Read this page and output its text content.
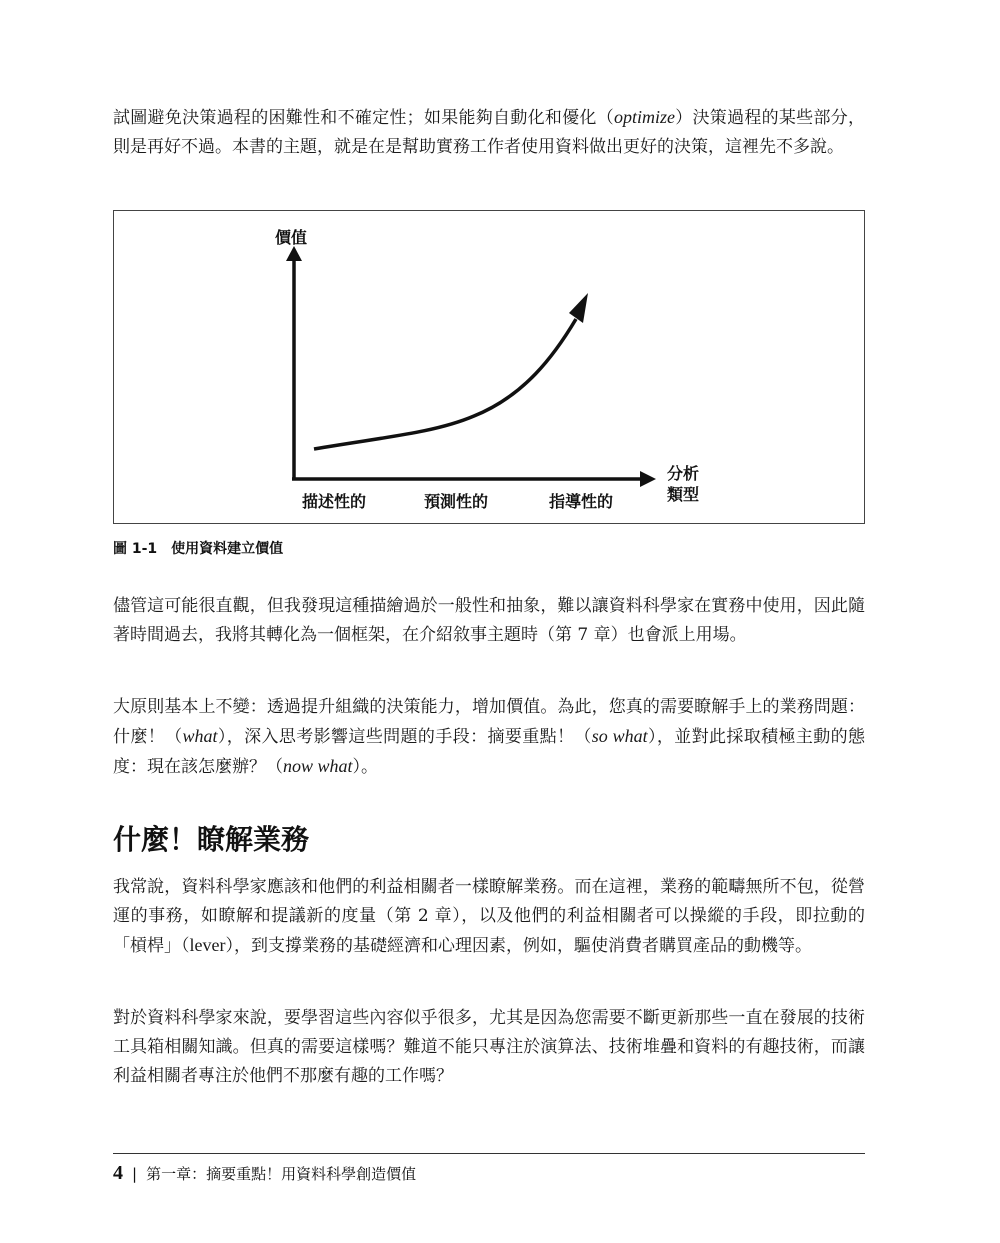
試圖避免決策過程的困難性和不確定性；如果能夠自動化和優化（optimize）決策過程的某些部分，則是再好不過。本書的主題，就是在是幫助實務工作者使用資料做出更好的決策，這裡先不多說。

價值
分析
類型
描述性的	預測性的	指導性的
圖 1-1 使用資料建立價值

儘管這可能很直觀，但我發現這種描繪過於一般性和抽象，難以讓資料科學家在實務中使用，因此隨著時間過去，我將其轉化為一個框架，在介紹敘事主題時（第 7 章）也會派上用場。

大原則基本上不變：透過提升組織的決策能力，增加價值。為此，您真的需要瞭解手上的業務問題：什麼！（what），深入思考影響這些問題的手段：摘要重點！（so what），並對此採取積極主動的態度：現在該怎麼辦？（now what）。

什麼！瞭解業務

我常說，資料科學家應該和他們的利益相關者一樣瞭解業務。而在這裡，業務的範疇無所不包，從營運的事務，如瞭解和提議新的度量（第 2 章），以及他們的利益相關者可以操縱的手段，即拉動的「槓桿」（lever），到支撐業務的基礎經濟和心理因素，例如，驅使消費者購買產品的動機等。

對於資料科學家來說，要學習這些內容似乎很多，尤其是因為您需要不斷更新那些一直在發展的技術工具箱相關知識。但真的需要這樣嗎？難道不能只專注於演算法、技術堆疊和資料的有趣技術，而讓利益相關者專注於他們不那麼有趣的工作嗎？

4 | 第一章：摘要重點！用資料科學創造價值
